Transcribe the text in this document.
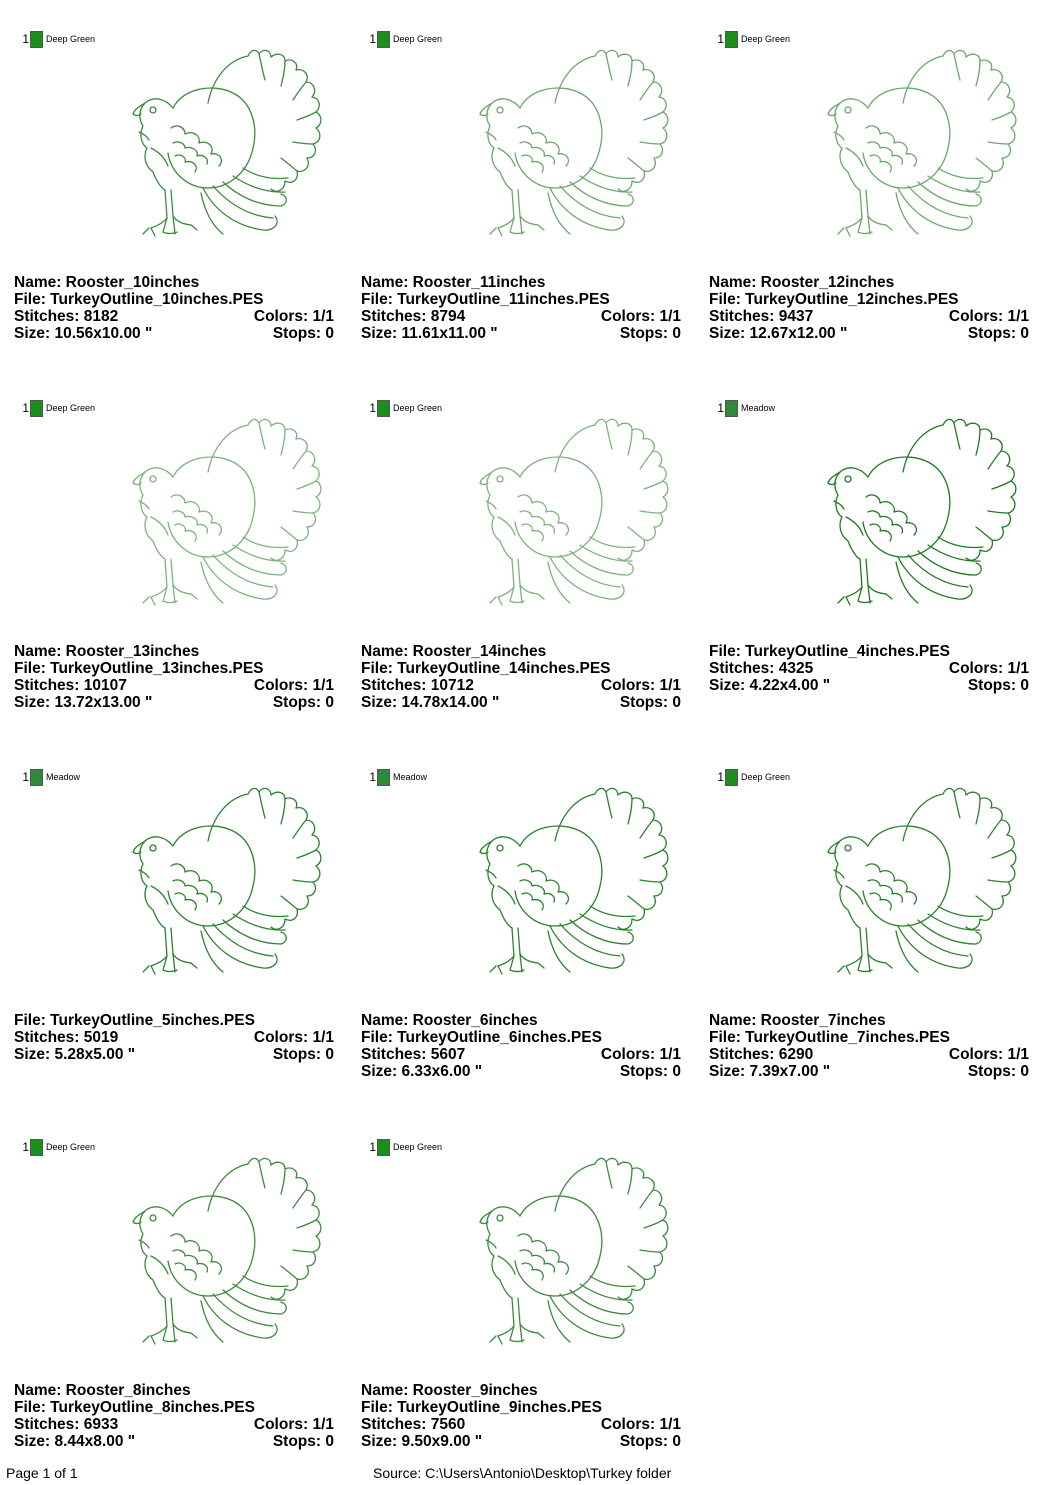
1 Deep Green
Name: Rooster_10inches
File: TurkeyOutline_10inches.PES
Stitches: 8182	Colors: 1/1
Size: 10.56x10.00 "	Stops: 0
1 Deep Green
Name: Rooster_11inches
File: TurkeyOutline_11inches.PES
Stitches: 8794	Colors: 1/1
Size: 11.61x11.00 "	Stops: 0
1 Deep Green
Name: Rooster_12inches
File: TurkeyOutline_12inches.PES
Stitches: 9437	Colors: 1/1
Size: 12.67x12.00 "	Stops: 0
1 Deep Green
Name: Rooster_13inches
File: TurkeyOutline_13inches.PES
Stitches: 10107	Colors: 1/1
Size: 13.72x13.00 "	Stops: 0
1 Deep Green
Name: Rooster_14inches
File: TurkeyOutline_14inches.PES
Stitches: 10712	Colors: 1/1
Size: 14.78x14.00 "	Stops: 0
1 Meadow
File: TurkeyOutline_4inches.PES
Stitches: 4325	Colors: 1/1
Size: 4.22x4.00 "	Stops: 0
1 Meadow
File: TurkeyOutline_5inches.PES
Stitches: 5019	Colors: 1/1
Size: 5.28x5.00 "	Stops: 0
1 Meadow
Name: Rooster_6inches
File: TurkeyOutline_6inches.PES
Stitches: 5607	Colors: 1/1
Size: 6.33x6.00 "	Stops: 0
1 Deep Green
Name: Rooster_7inches
File: TurkeyOutline_7inches.PES
Stitches: 6290	Colors: 1/1
Size: 7.39x7.00 "	Stops: 0
1 Deep Green
Name: Rooster_8inches
File: TurkeyOutline_8inches.PES
Stitches: 6933	Colors: 1/1
Size: 8.44x8.00 "	Stops: 0
1 Deep Green
Name: Rooster_9inches
File: TurkeyOutline_9inches.PES
Stitches: 7560	Colors: 1/1
Size: 9.50x9.00 "	Stops: 0
Page 1 of 1	Source: C:\Users\Antonio\Desktop\Turkey folder
